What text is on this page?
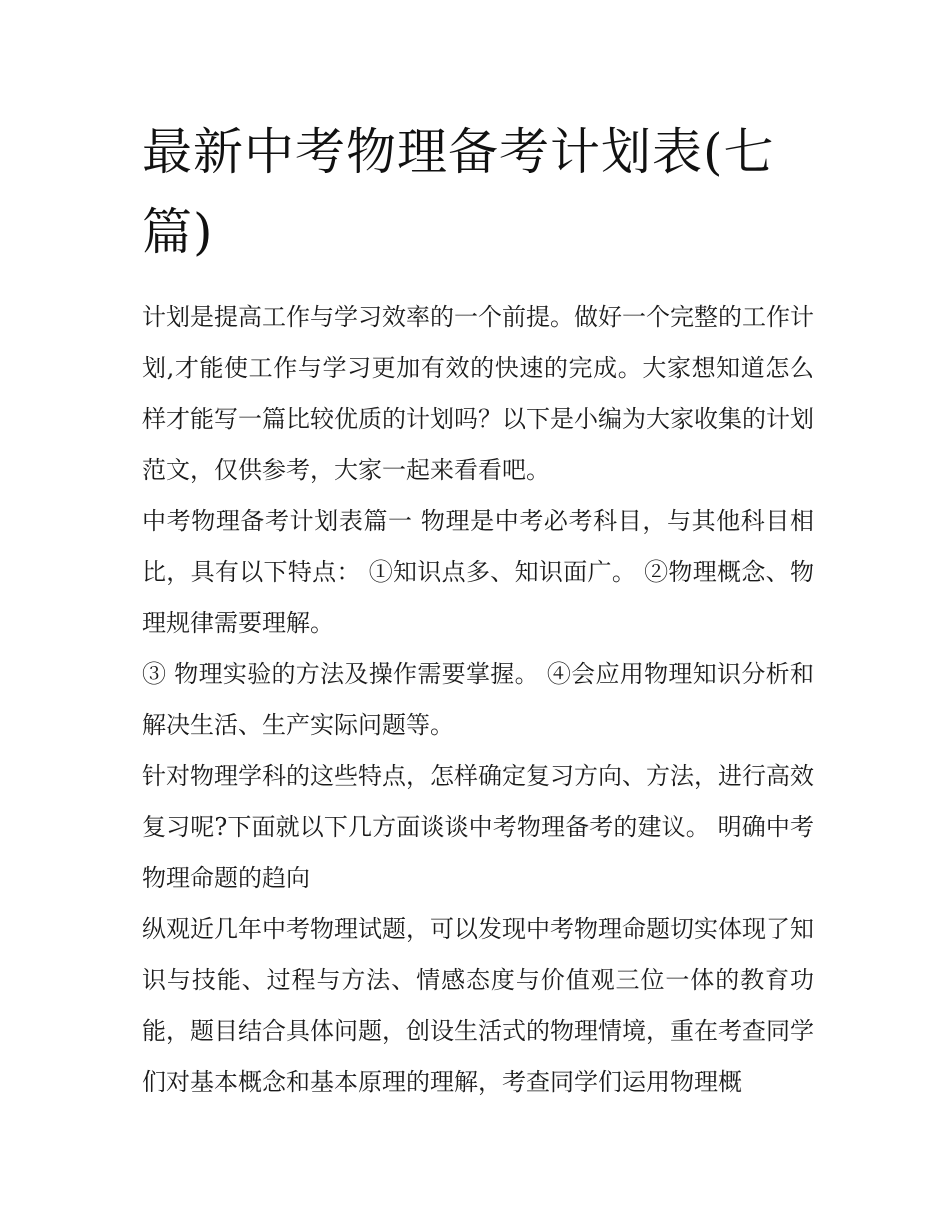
最新中考物理备考计划表(七篇)

计划是提高工作与学习效率的一个前提。做好一个完整的工作计划,才能使工作与学习更加有效的快速的完成。大家想知道怎么样才能写一篇比较优质的计划吗？以下是小编为大家收集的计划范文，仅供参考，大家一起来看看吧。

中考物理备考计划表篇一 物理是中考必考科目，与其他科目相比，具有以下特点： ①知识点多、知识面广。 ②物理概念、物理规律需要理解。

③ 物理实验的方法及操作需要掌握。 ④会应用物理知识分析和解决生活、生产实际问题等。

针对物理学科的这些特点，怎样确定复习方向、方法，进行高效复习呢?下面就以下几方面谈谈中考物理备考的建议。 明确中考物理命题的趋向

纵观近几年中考物理试题，可以发现中考物理命题切实体现了知识与技能、过程与方法、情感态度与价值观三位一体的教育功能，题目结合具体问题，创设生活式的物理情境，重在考查同学们对基本概念和基本原理的理解，考查同学们运用物理概
